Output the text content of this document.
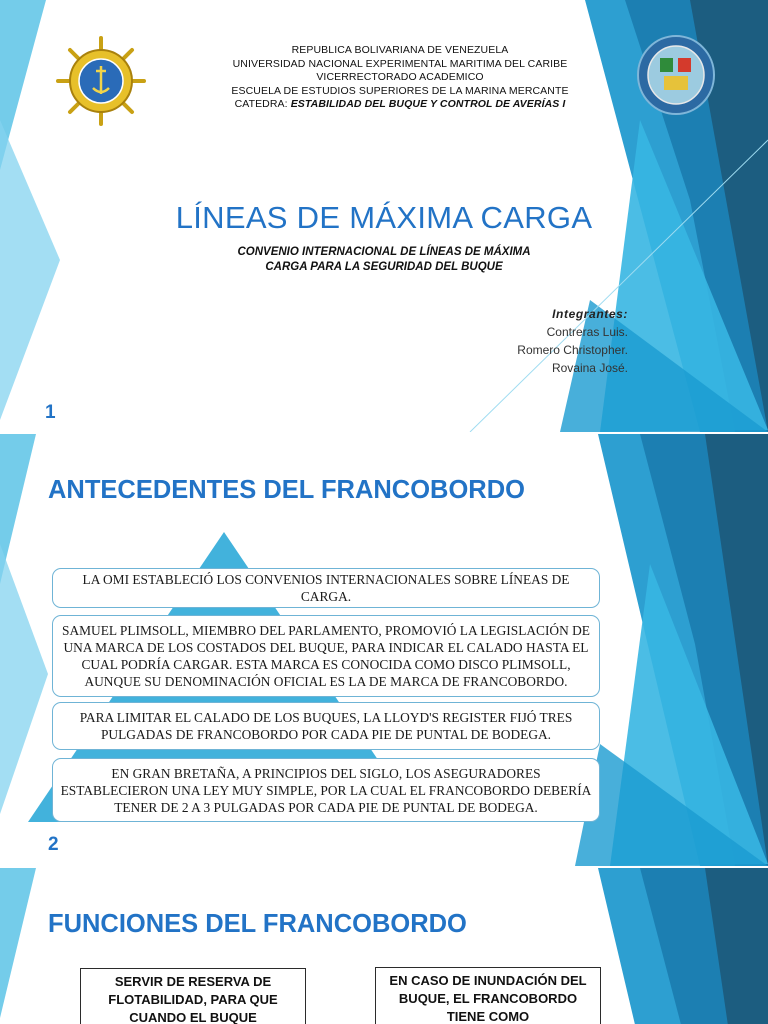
REPUBLICA BOLIVARIANA DE VENEZUELA
UNIVERSIDAD NACIONAL EXPERIMENTAL MARITIMA DEL CARIBE
VICERRECTORADO ACADEMICO
ESCUELA DE ESTUDIOS SUPERIORES DE LA MARINA MERCANTE
CATEDRA: ESTABILIDAD DEL BUQUE Y CONTROL DE AVERÍAS I
LÍNEAS DE MÁXIMA CARGA
CONVENIO INTERNACIONAL DE LÍNEAS DE MÁXIMA
CARGA PARA LA SEGURIDAD DEL BUQUE
Integrantes:
Contreras Luis.
Romero Christopher.
Rovaina José.
1
ANTECEDENTES DEL FRANCOBORDO
LA OMI ESTABLECIÓ LOS CONVENIOS INTERNACIONALES SOBRE LÍNEAS DE CARGA.
SAMUEL PLIMSOLL, MIEMBRO DEL PARLAMENTO, PROMOVIÓ LA LEGISLACIÓN DE UNA MARCA DE LOS COSTADOS DEL BUQUE, PARA INDICAR EL CALADO HASTA EL CUAL PODRÍA CARGAR. ESTA MARCA ES CONOCIDA COMO DISCO PLIMSOLL, AUNQUE SU DENOMINACIÓN OFICIAL ES LA DE MARCA DE FRANCOBORDO.
PARA LIMITAR EL CALADO DE LOS BUQUES, LA LLOYD'S REGISTER FIJÓ TRES PULGADAS DE FRANCOBORDO POR CADA PIE DE PUNTAL DE BODEGA.
EN GRAN BRETAÑA, A PRINCIPIOS DEL SIGLO, LOS ASEGURADORES ESTABLECIERON UNA LEY MUY SIMPLE, POR LA CUAL EL FRANCOBORDO DEBERÍA TENER DE 2 A 3 PULGADAS POR CADA PIE DE PUNTAL DE BODEGA.
2
FUNCIONES DEL FRANCOBORDO
SERVIR DE RESERVA DE FLOTABILIDAD, PARA QUE CUANDO EL BUQUE
EN CASO DE INUNDACIÓN DEL BUQUE, EL FRANCOBORDO TIENE COMO
